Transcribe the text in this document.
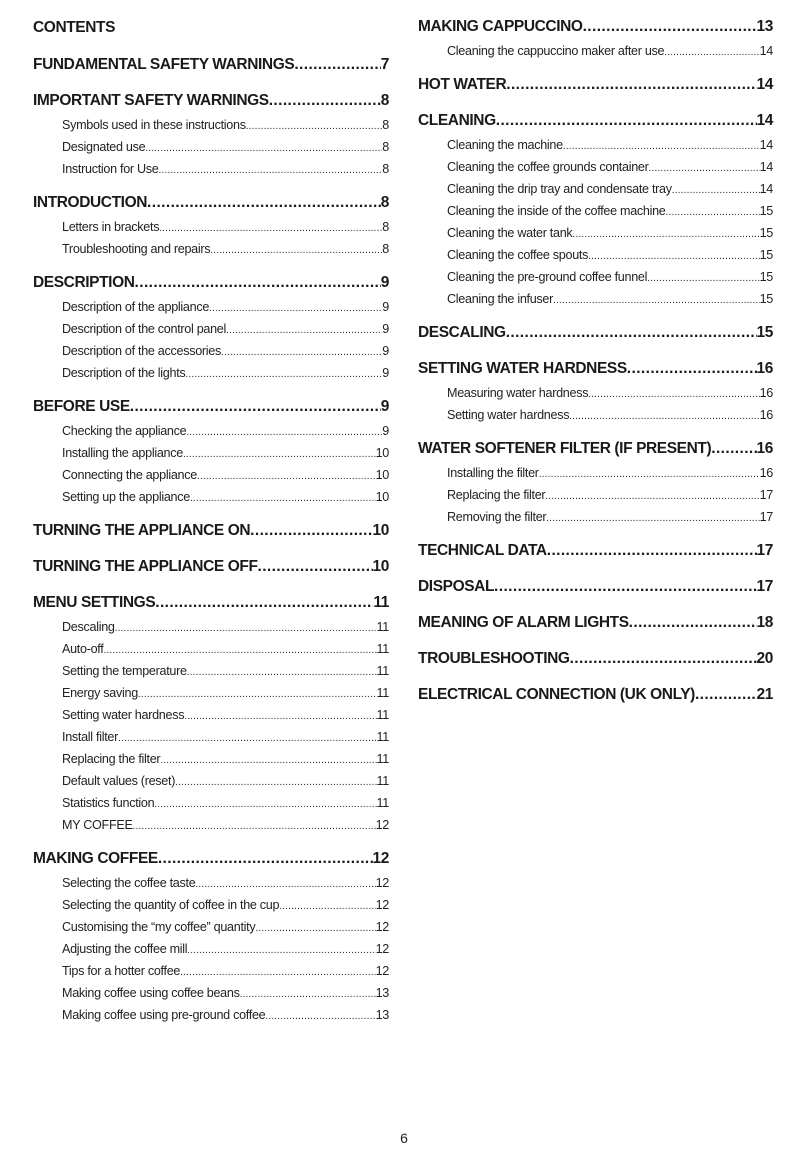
CONTENTS
FUNDAMENTAL SAFETY WARNINGS .....	7
IMPORTANT SAFETY WARNINGS .....	8
Symbols used in these instructions .....	8
Designated use .....	8
Instruction for Use .....	8
INTRODUCTION .....	8
Letters in brackets .....	8
Troubleshooting and repairs .....	8
DESCRIPTION .....	9
Description of the appliance .....	9
Description of the control panel .....	9
Description of the accessories .....	9
Description of the lights .....	9
BEFORE USE .....	9
Checking the appliance .....	9
Installing the appliance .....	10
Connecting the appliance .....	10
Setting up the appliance .....	10
TURNING THE APPLIANCE ON .....	10
TURNING THE APPLIANCE OFF .....	10
MENU SETTINGS .....	11
Descaling .....	11
Auto-off .....	11
Setting the temperature .....	11
Energy saving .....	11
Setting water hardness .....	11
Install filter .....	11
Replacing the filter .....	11
Default values (reset) .....	11
Statistics function .....	11
MY COFFEE .....	12
MAKING COFFEE .....	12
Selecting the coffee taste .....	12
Selecting the quantity of coffee in the cup .....	12
Customising the “my coffee” quantity .....	12
Adjusting the coffee mill .....	12
Tips for a hotter coffee .....	12
Making coffee using coffee beans .....	13
Making coffee using pre-ground coffee .....	13
MAKING CAPPUCCINO .....	13
Cleaning the cappuccino maker after use .....	14
HOT WATER .....	14
CLEANING .....	14
Cleaning the machine .....	14
Cleaning the coffee grounds container .....	14
Cleaning the drip tray and condensate tray .....	14
Cleaning the inside of the coffee machine .....	15
Cleaning the water tank .....	15
Cleaning the coffee spouts .....	15
Cleaning the pre-ground coffee funnel .....	15
Cleaning the infuser .....	15
DESCALING .....	15
SETTING WATER HARDNESS .....	16
Measuring water hardness .....	16
Setting water hardness .....	16
WATER SOFTENER FILTER (IF PRESENT) .....	16
Installing the filter .....	16
Replacing the filter .....	17
Removing the filter .....	17
TECHNICAL DATA .....	17
DISPOSAL .....	17
MEANING OF ALARM LIGHTS .....	18
TROUBLESHOOTING .....	20
ELECTRICAL CONNECTION (UK ONLY) .....	21
6
